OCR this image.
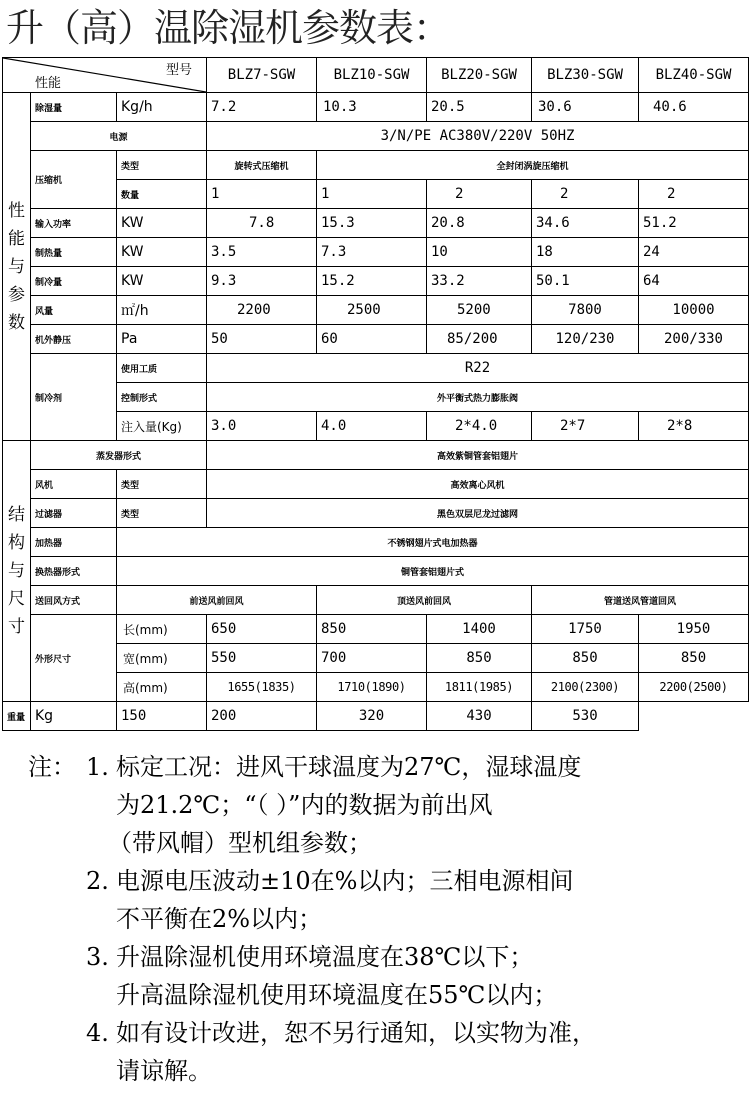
升（高）温除湿机参数表：
型号
性能			BLZ7-SGW	BLZ10-SGW	BLZ20-SGW	BLZ30-SGW	BLZ40-SGW
性能与参数	除湿量	Kg/h	7.2	10.3	20.5	30.6	40.6
	电源		3/N/PE AC380V/220V 50HZ				
	压缩机	类型	旋转式压缩机	全封闭涡旋压缩机			
		数量	1	1	2	2	2
	输入功率	KW	7.8	15.3	20.8	34.6	51.2
	制热量	KW	3.5	7.3	10	18	24
	制冷量	KW	9.3	15.2	33.2	50.1	64
	风量	㎡/h	2200	2500	5200	7800	10000
	机外静压	Pa	50	60	85/200	120/230	200/330
	制冷剂	使用工质	R22				
		控制形式	外平衡式热力膨胀阀				
		注入量(Kg)	3.0	4.0	2*4.0	2*7	2*8
结构与尺寸	蒸发器形式		高效紫铜管套铝翅片				
	风机	类型	高效离心风机				
	过滤器	类型	黑色双层尼龙过滤网				
	加热器	不锈钢翅片式电加热器					
	换热器形式	铜管套铝翅片式					
	送回风方式	前送风前回风		顶送风前回风		管道送风管道回风	
	外形尺寸	长(mm)	650	850	1400	1750	1950
		宽(mm)	550	700	850	850	850
		高(mm)	1655(1835)	1710(1890)	1811(1985)	2100(2300)	2200(2500)
重量	Kg	150	200	320	430	530	
注： 1. 标定工况：进风干球温度为27℃，湿球温度
为21.2℃；“（ ）”内的数据为前出风
（带风帽）型机组参数；
2. 电源电压波动±10在%以内；三相电源相间
不平衡在2%以内；
3. 升温除湿机使用环境温度在38℃以下；
升高温除湿机使用环境温度在55℃以内；
4. 如有设计改进，恕不另行通知，以实物为准，
请谅解。
